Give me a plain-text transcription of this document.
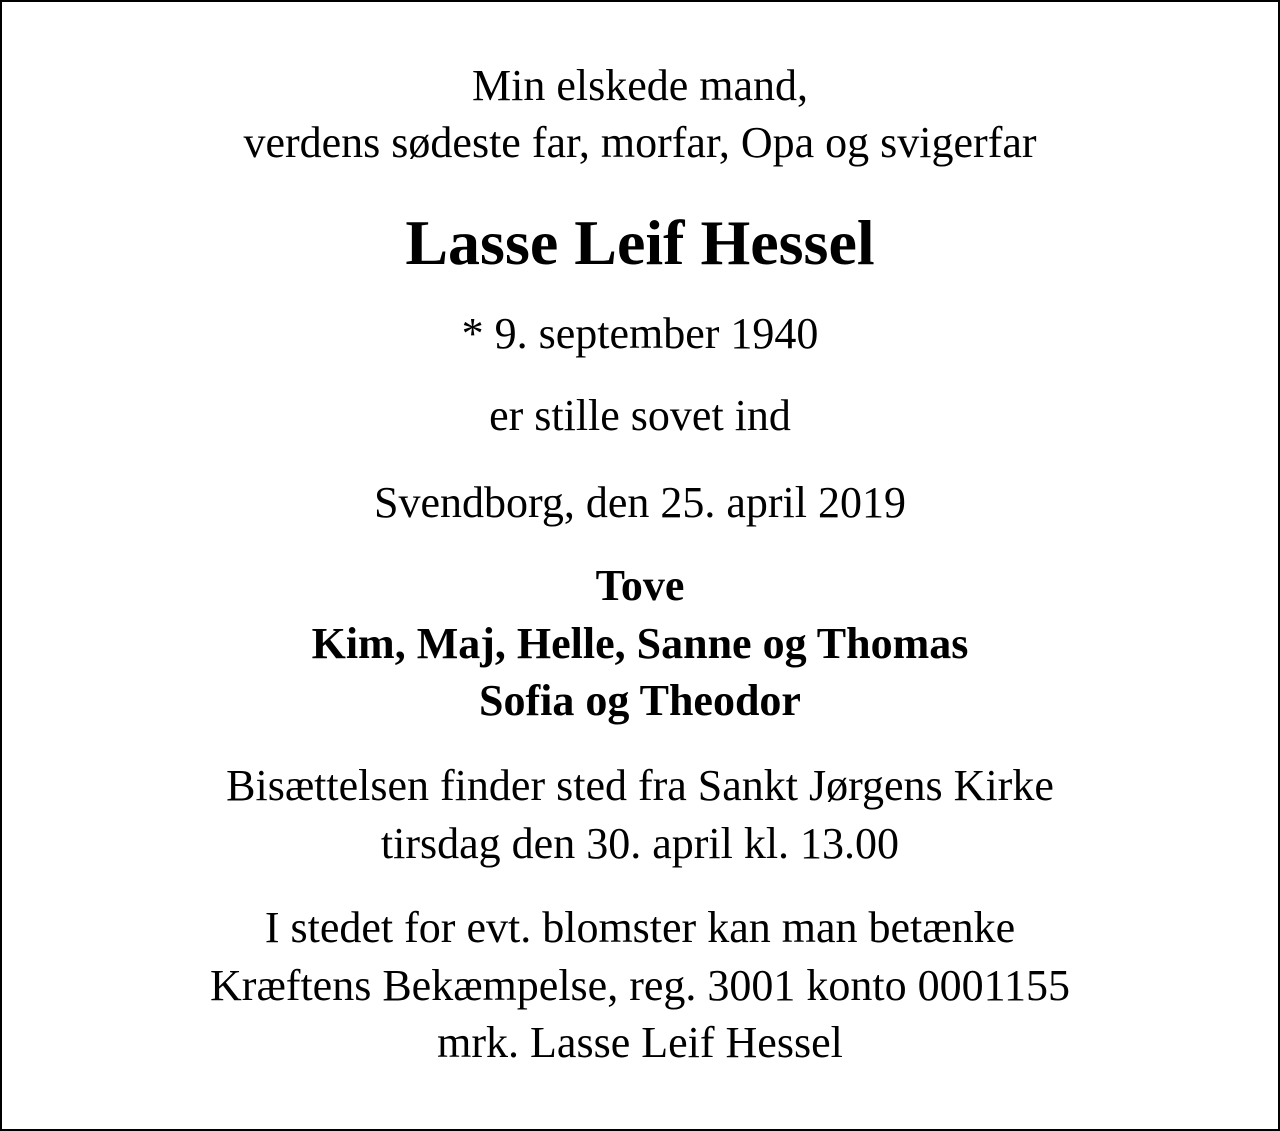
Min elskede mand,
verdens sødeste far, morfar, Opa og svigerfar
Lasse Leif Hessel
* 9. september 1940
er stille sovet ind
Svendborg, den 25. april 2019
Tove
Kim, Maj, Helle, Sanne og Thomas
Sofia og Theodor
Bisættelsen finder sted fra Sankt Jørgens Kirke
tirsdag den 30. april kl. 13.00
I stedet for evt. blomster kan man betænke
Kræftens Bekæmpelse, reg. 3001 konto 0001155
mrk. Lasse Leif Hessel
